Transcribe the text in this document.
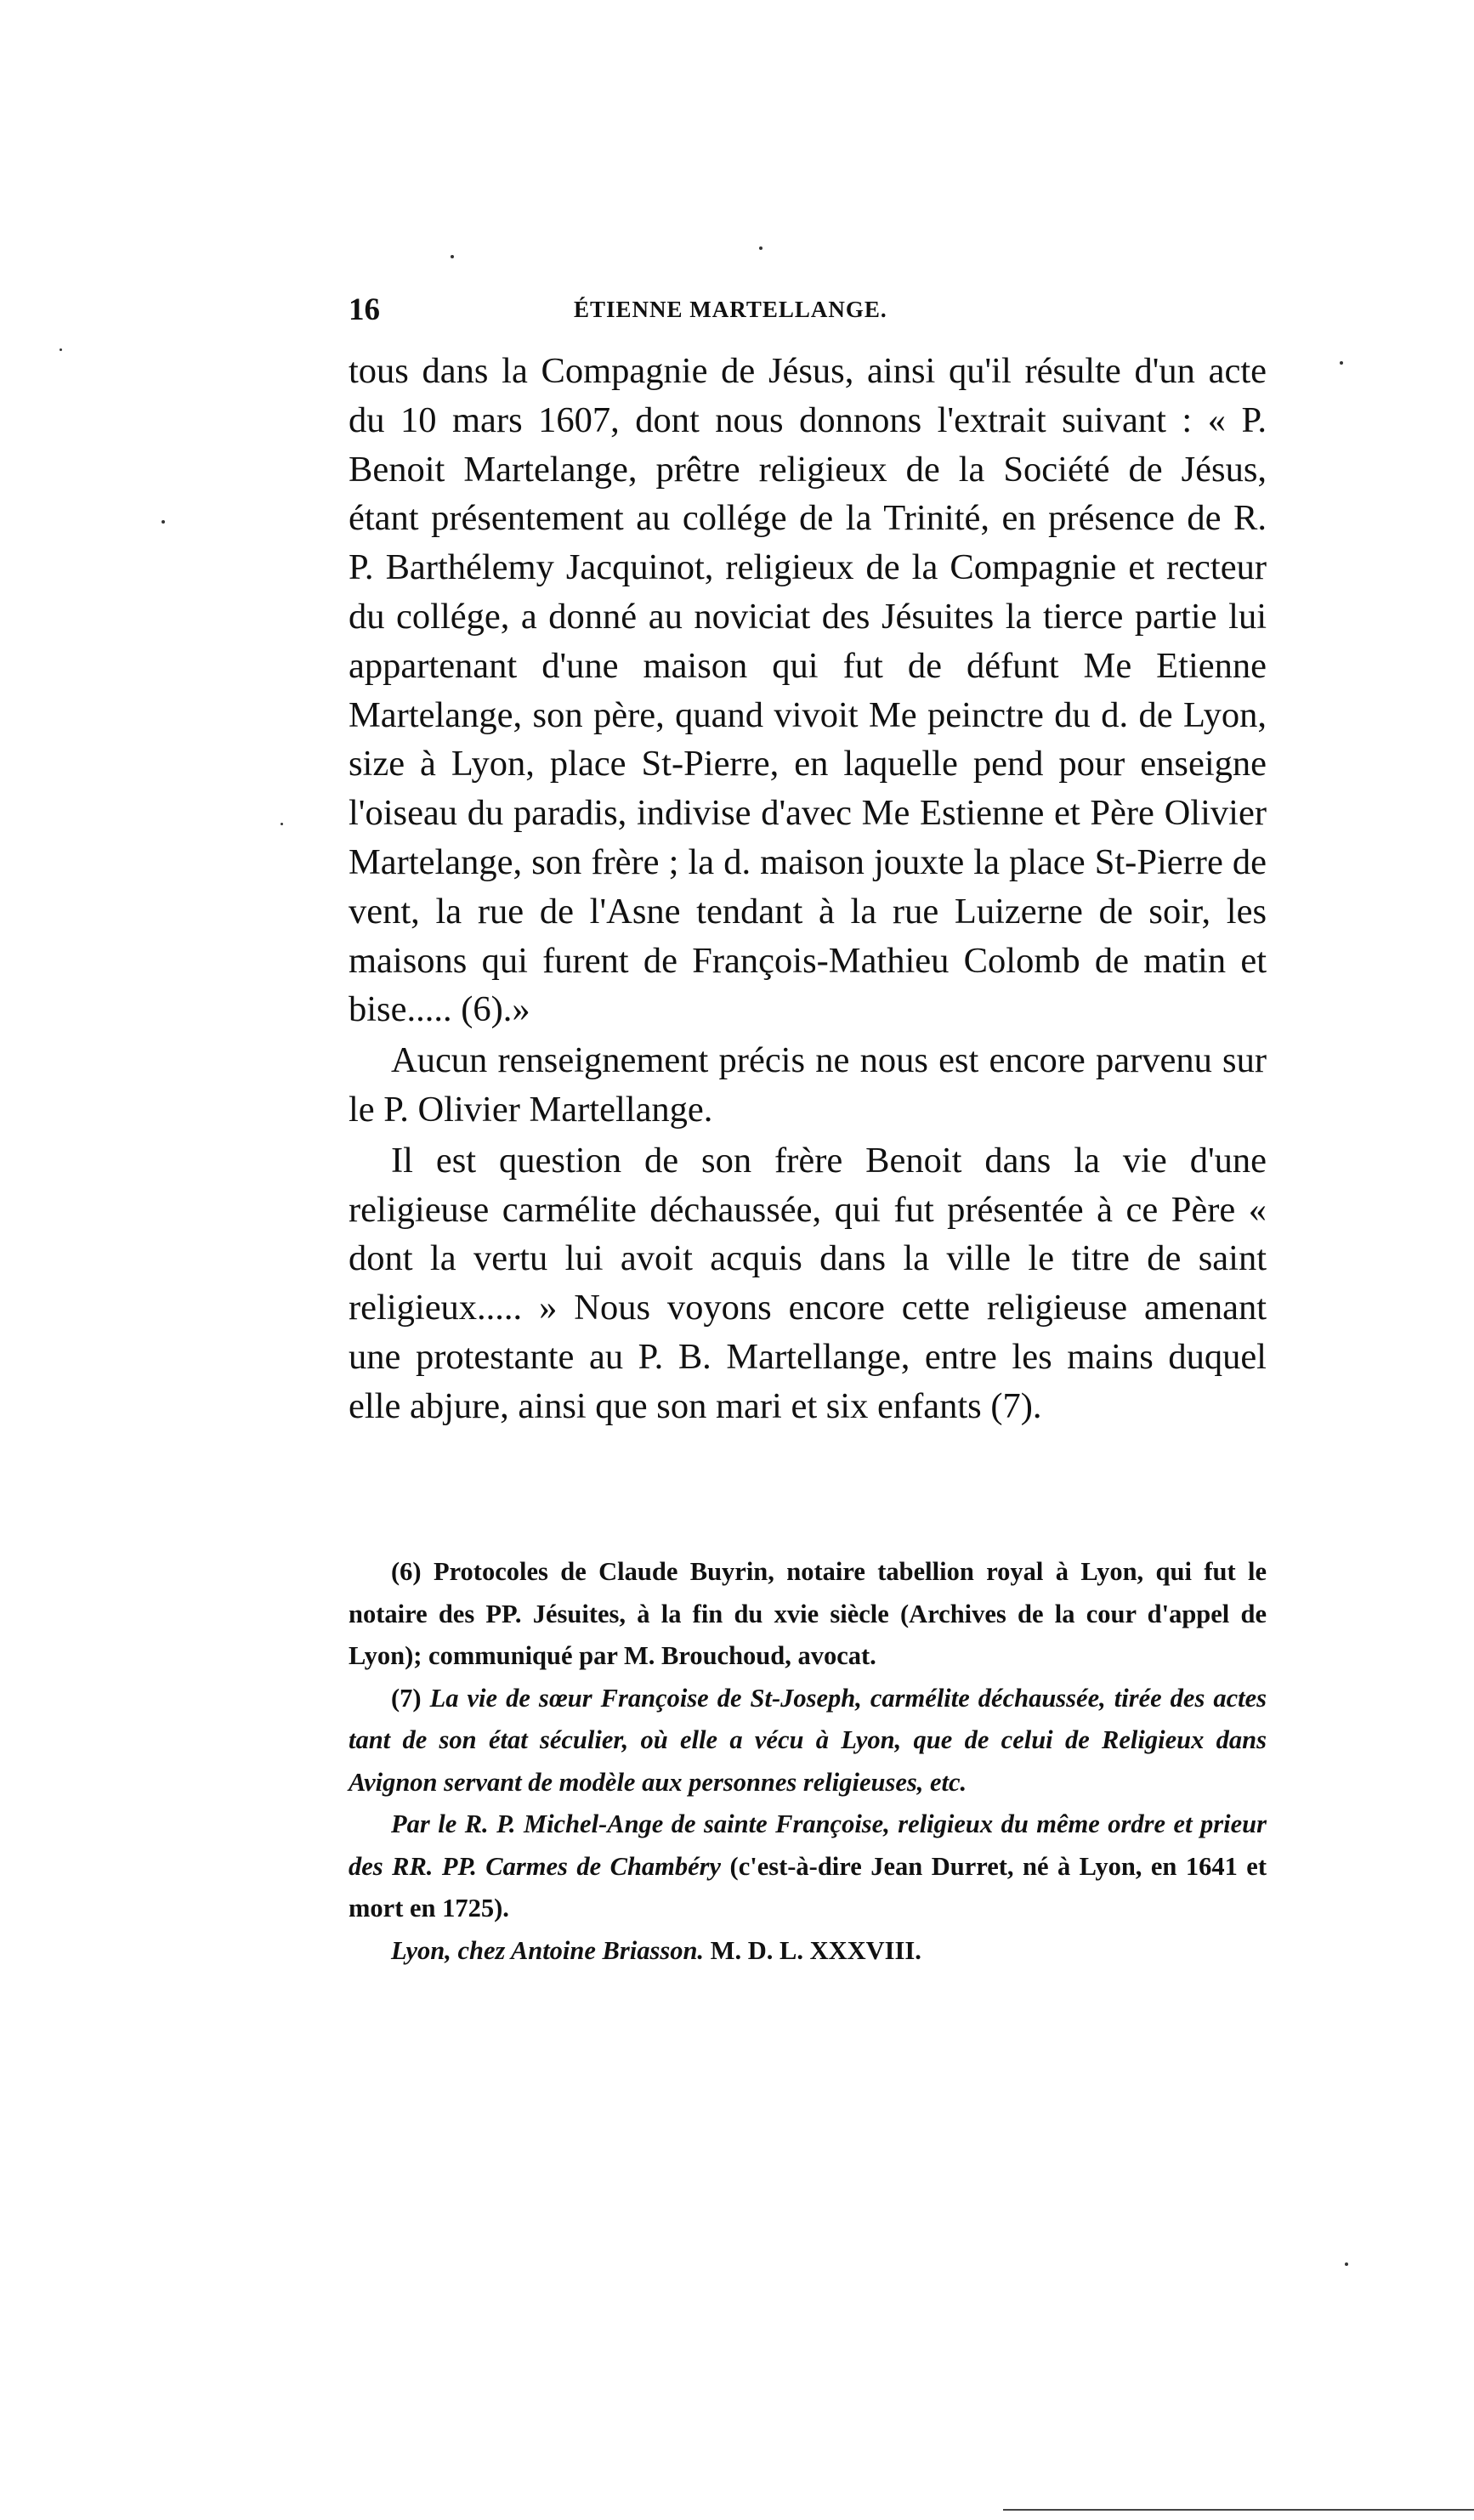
16	ÉTIENNE MARTELLANGE.

tous dans la Compagnie de Jésus, ainsi qu'il résulte d'un acte du 10 mars 1607, dont nous donnons l'extrait suivant : « P. Benoit Martelange, prêtre religieux de la Société de Jésus, étant présentement au collége de la Trinité, en présence de R. P. Barthélemy Jacquinot, religieux de la Compagnie et recteur du collége, a donné au noviciat des Jésuites la tierce partie lui appartenant d'une maison qui fut de défunt Me Etienne Martelange, son père, quand vivoit Me peinctre du d. de Lyon, size à Lyon, place St-Pierre, en laquelle pend pour enseigne l'oiseau du paradis, indivise d'avec Me Estienne et Père Olivier Martelange, son frère ; la d. maison jouxte la place St-Pierre de vent, la rue de l'Asne tendant à la rue Luizerne de soir, les maisons qui furent de François-Mathieu Colomb de matin et bise..... (6).»

Aucun renseignement précis ne nous est encore parvenu sur le P. Olivier Martellange.

Il est question de son frère Benoit dans la vie d'une religieuse carmélite déchaussée, qui fut présentée à ce Père « dont la vertu lui avoit acquis dans la ville le titre de saint religieux..... » Nous voyons encore cette religieuse amenant une protestante au P. B. Martellange, entre les mains duquel elle abjure, ainsi que son mari et six enfants (7).

(6) Protocoles de Claude Buyrin, notaire tabellion royal à Lyon, qui fut le notaire des PP. Jésuites, à la fin du xvie siècle (Archives de la cour d'appel de Lyon); communiqué par M. Brouchoud, avocat.

(7) La vie de sœur Françoise de St-Joseph, carmélite déchaussée, tirée des actes tant de son état séculier, où elle a vécu à Lyon, que de celui de Religieux dans Avignon servant de modèle aux personnes religieuses, etc.

Par le R. P. Michel-Ange de sainte Françoise, religieux du même ordre et prieur des RR. PP. Carmes de Chambéry (c'est-à-dire Jean Durret, né à Lyon, en 1641 et mort en 1725).

Lyon, chez Antoine Briasson. M. D. L. XXXVIII.
